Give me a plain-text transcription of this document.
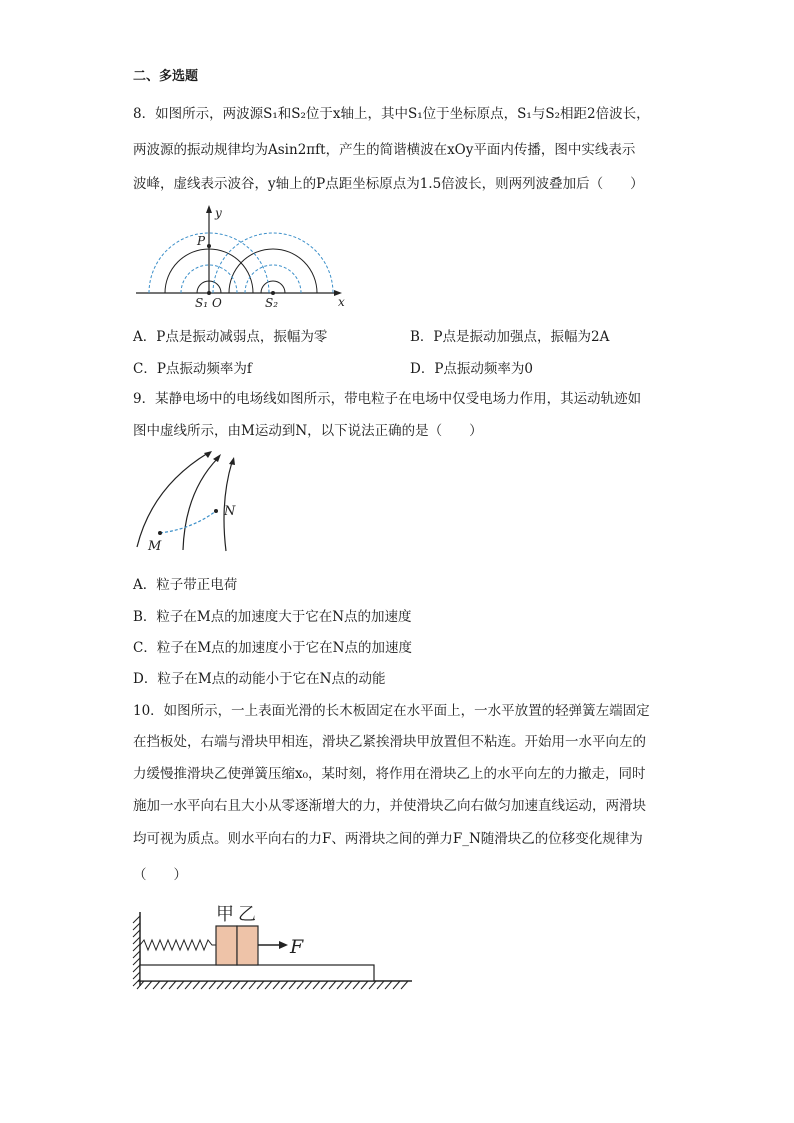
二、多选题
8．如图所示，两波源S₁和S₂位于x轴上，其中S₁位于坐标原点，S₁与S₂相距2倍波长，
两波源的振动规律均为Asin2πft，产生的简谐横波在xOy平面内传播，图中实线表示
波峰，虚线表示波谷，y轴上的P点距坐标原点为1.5倍波长，则两列波叠加后（　　）
y
x
P
S₁ O	S₂
A．P点是振动减弱点，振幅为零	B．P点是振动加强点，振幅为2A
C．P点振动频率为f	D．P点振动频率为0
9．某静电场中的电场线如图所示，带电粒子在电场中仅受电场力作用，其运动轨迹如
图中虚线所示，由M运动到N，以下说法正确的是（　　）
M
N
A．粒子带正电荷
B．粒子在M点的加速度大于它在N点的加速度
C．粒子在M点的加速度小于它在N点的加速度
D．粒子在M点的动能小于它在N点的动能
10．如图所示，一上表面光滑的长木板固定在水平面上，一水平放置的轻弹簧左端固定
在挡板处，右端与滑块甲相连，滑块乙紧挨滑块甲放置但不粘连。开始用一水平向左的
力缓慢推滑块乙使弹簧压缩x₀，某时刻，将作用在滑块乙上的水平向左的力撤走，同时
施加一水平向右且大小从零逐渐增大的力，并使滑块乙向右做匀加速直线运动，两滑块
均可视为质点。则水平向右的力F、两滑块之间的弹力F_N随滑块乙的位移变化规律为
（　　）
甲 乙
F
